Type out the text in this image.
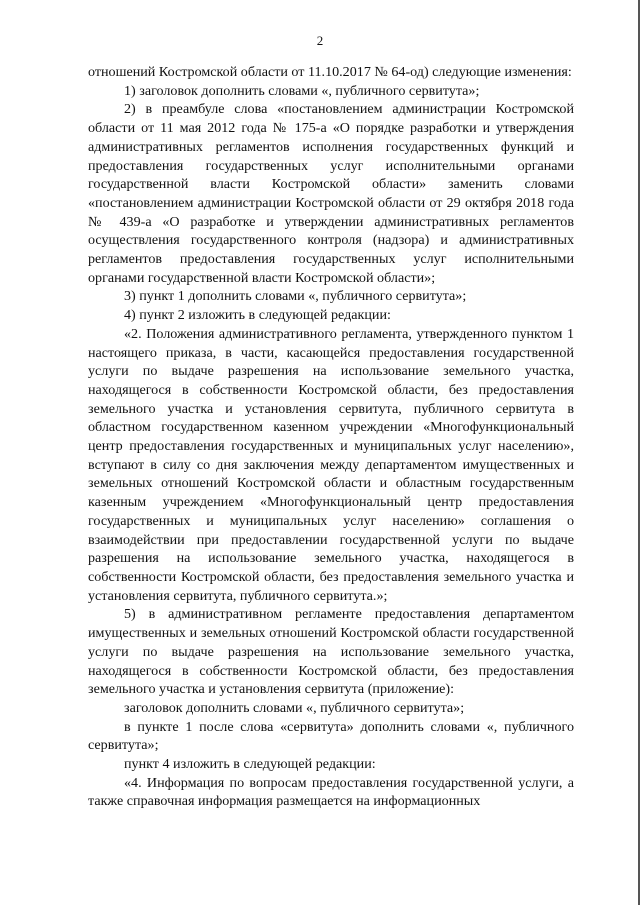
2

отношений Костромской области от 11.10.2017 № 64-од) следующие изменения:

1) заголовок дополнить словами «, публичного сервитута»;

2) в преамбуле слова «постановлением администрации Костромской области от 11 мая 2012 года № 175-а «О порядке разработки и утверждения административных регламентов исполнения государственных функций и предоставления государственных услуг исполнительными органами государственной власти Костромской области» заменить словами «постановлением администрации Костромской области от 29 октября 2018 года № 439-а «О разработке и утверждении административных регламентов осуществления государственного контроля (надзора) и административных регламентов предоставления государственных услуг исполнительными органами государственной власти Костромской области»;

3) пункт 1 дополнить словами «, публичного сервитута»;

4) пункт 2 изложить в следующей редакции:

«2. Положения административного регламента, утвержденного пунктом 1 настоящего приказа, в части, касающейся предоставления государственной услуги по выдаче разрешения на использование земельного участка, находящегося в собственности Костромской области, без предоставления земельного участка и установления сервитута, публичного сервитута в областном государственном казенном учреждении «Многофункциональный центр предоставления государственных и муниципальных услуг населению», вступают в силу со дня заключения между департаментом имущественных и земельных отношений Костромской области и областным государственным казенным учреждением «Многофункциональный центр предоставления государственных и муниципальных услуг населению» соглашения о взаимодействии при предоставлении государственной услуги по выдаче разрешения на использование земельного участка, находящегося в собственности Костромской области, без предоставления земельного участка и установления сервитута, публичного сервитута.»;

5) в административном регламенте предоставления департаментом имущественных и земельных отношений Костромской области государственной услуги по выдаче разрешения на использование земельного участка, находящегося в собственности Костромской области, без предоставления земельного участка и установления сервитута (приложение):

заголовок дополнить словами «, публичного сервитута»;

в пункте 1 после слова «сервитута» дополнить словами «, публичного сервитута»;

пункт 4 изложить в следующей редакции:

«4. Информация по вопросам предоставления государственной услуги, а также справочная информация размещается на информационных
